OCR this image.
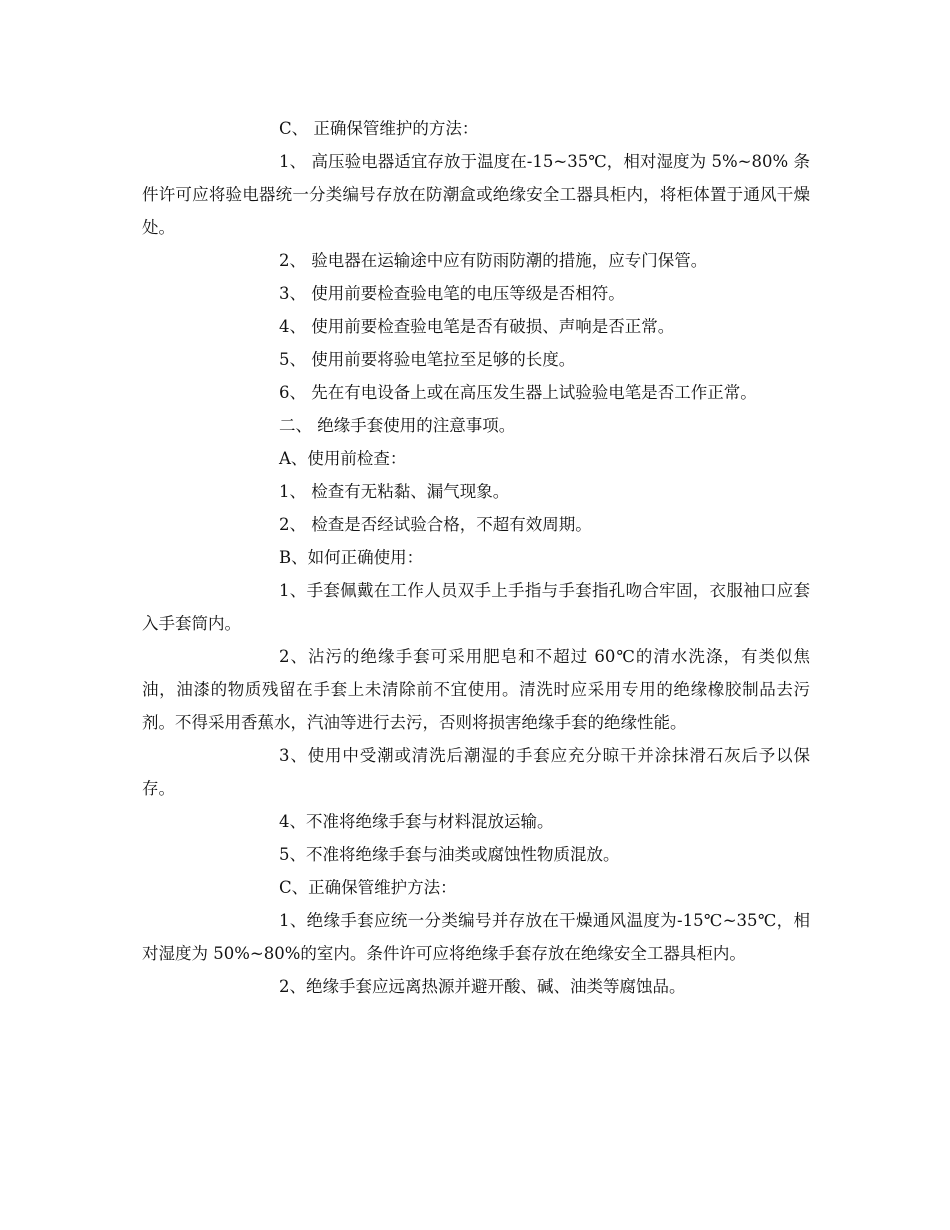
C、 正确保管维护的方法：

1、 高压验电器适宜存放于温度在-15~35℃，相对湿度为 5%~80% 条件许可应将验电器统一分类编号存放在防潮盒或绝缘安全工器具柜内，将柜体置于通风干燥处。

2、 验电器在运输途中应有防雨防潮的措施，应专门保管。

3、 使用前要检查验电笔的电压等级是否相符。

4、 使用前要检查验电笔是否有破损、声响是否正常。

5、 使用前要将验电笔拉至足够的长度。

6、 先在有电设备上或在高压发生器上试验验电笔是否工作正常。

二、 绝缘手套使用的注意事项。

A、使用前检查：

1、 检查有无粘黏、漏气现象。

2、 检查是否经试验合格，不超有效周期。

B、如何正确使用：

1、手套佩戴在工作人员双手上手指与手套指孔吻合牢固，衣服袖口应套入手套筒内。

2、沾污的绝缘手套可采用肥皂和不超过 60℃的清水洗涤，有类似焦油，油漆的物质残留在手套上未清除前不宜使用。清洗时应采用专用的绝缘橡胶制品去污剂。不得采用香蕉水，汽油等进行去污，否则将损害绝缘手套的绝缘性能。

3、使用中受潮或清洗后潮湿的手套应充分晾干并涂抹滑石灰后予以保存。

4、不准将绝缘手套与材料混放运输。

5、不准将绝缘手套与油类或腐蚀性物质混放。

C、正确保管维护方法：

1、绝缘手套应统一分类编号并存放在干燥通风温度为-15℃~35℃，相对湿度为 50%~80%的室内。条件许可应将绝缘手套存放在绝缘安全工器具柜内。

2、绝缘手套应远离热源并避开酸、碱、油类等腐蚀品。
